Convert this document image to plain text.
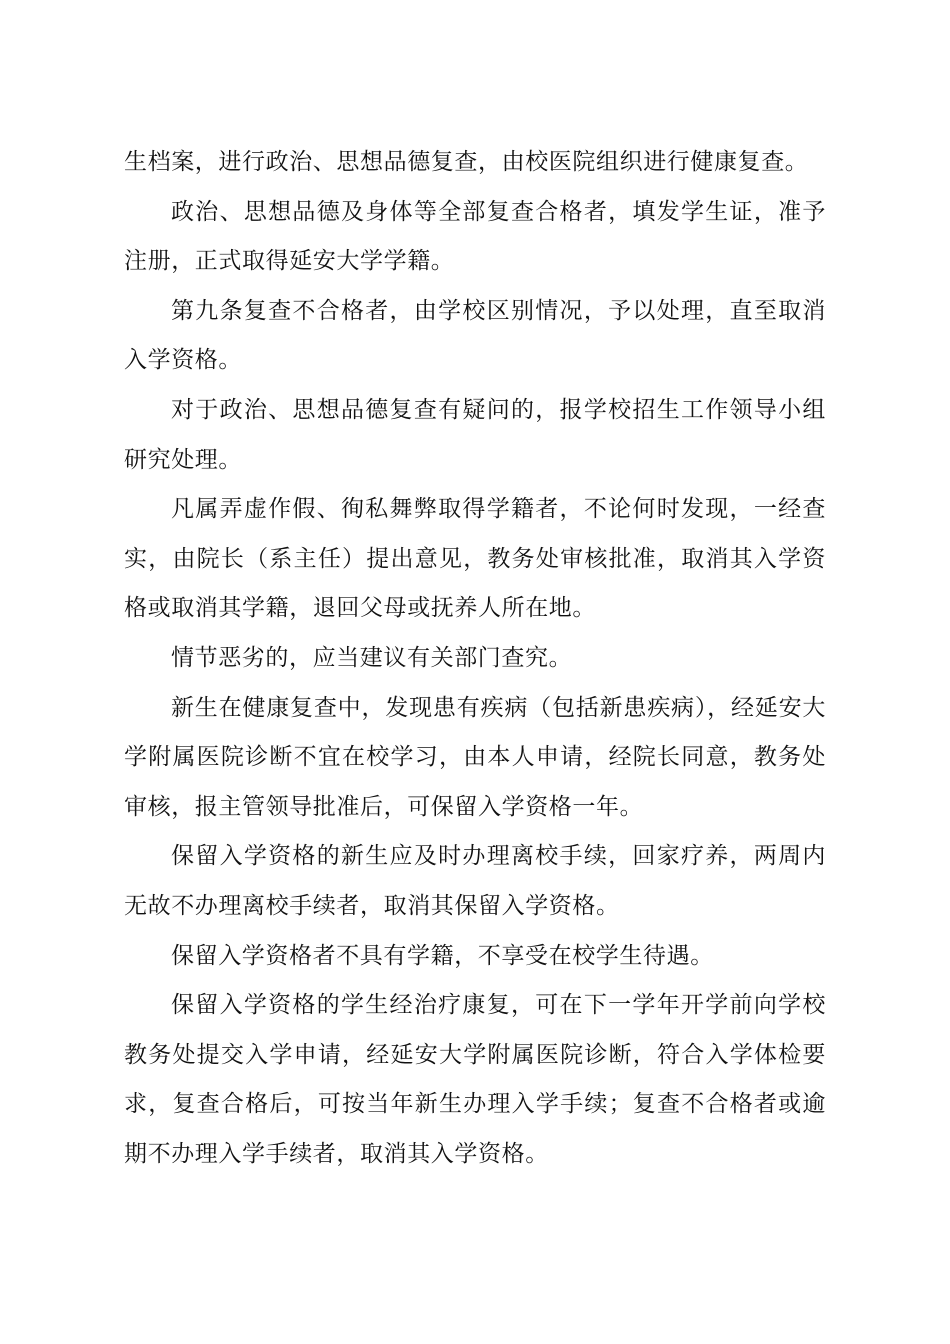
生档案，进行政治、思想品德复查，由校医院组织进行健康复查。

政治、思想品德及身体等全部复查合格者，填发学生证，准予注册，正式取得延安大学学籍。

第九条复查不合格者，由学校区别情况，予以处理，直至取消入学资格。

对于政治、思想品德复查有疑问的，报学校招生工作领导小组研究处理。

凡属弄虚作假、徇私舞弊取得学籍者，不论何时发现，一经查实，由院长（系主任）提出意见，教务处审核批准，取消其入学资格或取消其学籍，退回父母或抚养人所在地。

情节恶劣的，应当建议有关部门查究。

新生在健康复查中，发现患有疾病（包括新患疾病），经延安大学附属医院诊断不宜在校学习，由本人申请，经院长同意，教务处审核，报主管领导批准后，可保留入学资格一年。

保留入学资格的新生应及时办理离校手续，回家疗养，两周内无故不办理离校手续者，取消其保留入学资格。

保留入学资格者不具有学籍，不享受在校学生待遇。

保留入学资格的学生经治疗康复，可在下一学年开学前向学校教务处提交入学申请，经延安大学附属医院诊断，符合入学体检要求，复查合格后，可按当年新生办理入学手续；复查不合格者或逾期不办理入学手续者，取消其入学资格。
